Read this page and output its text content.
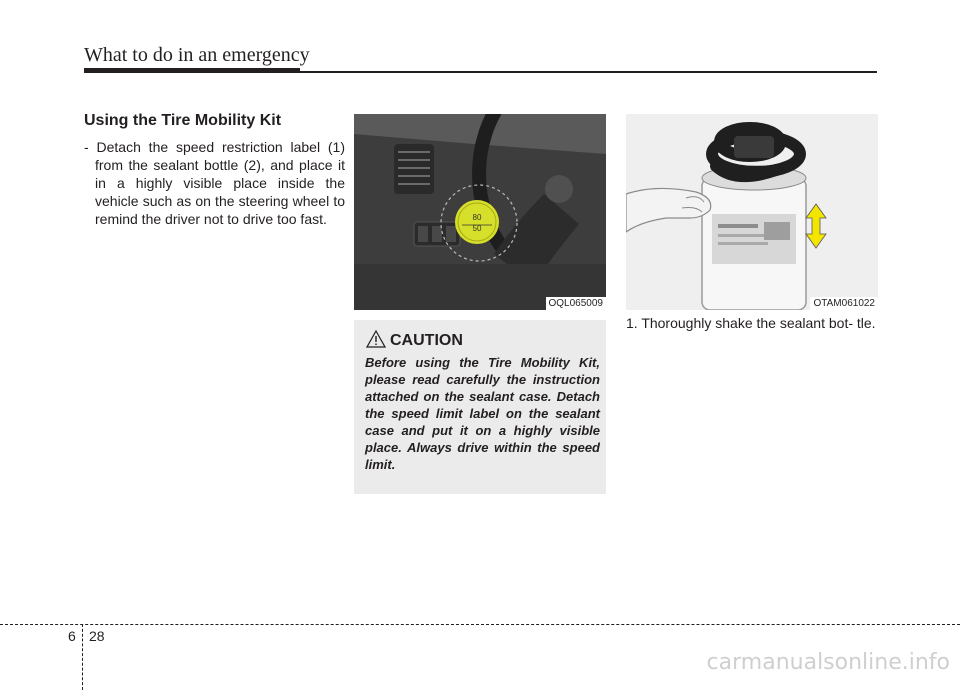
What to do in an emergency
Using the Tire Mobility Kit

- Detach the speed restriction label (1) from the sealant bottle (2), and place it in a highly visible place inside the vehicle such as on the steering wheel to remind the driver not to drive too fast.	80
50
OQL065009	OTAM061022
CAUTION

Before using the Tire Mobility Kit, please read carefully the instruction attached on the sealant case. Detach the speed limit label on the sealant case and put it on a highly visible place. Always drive within the speed limit.

1. Thoroughly shake the sealant bot- tle.

6 28
carmanualsonline.info
